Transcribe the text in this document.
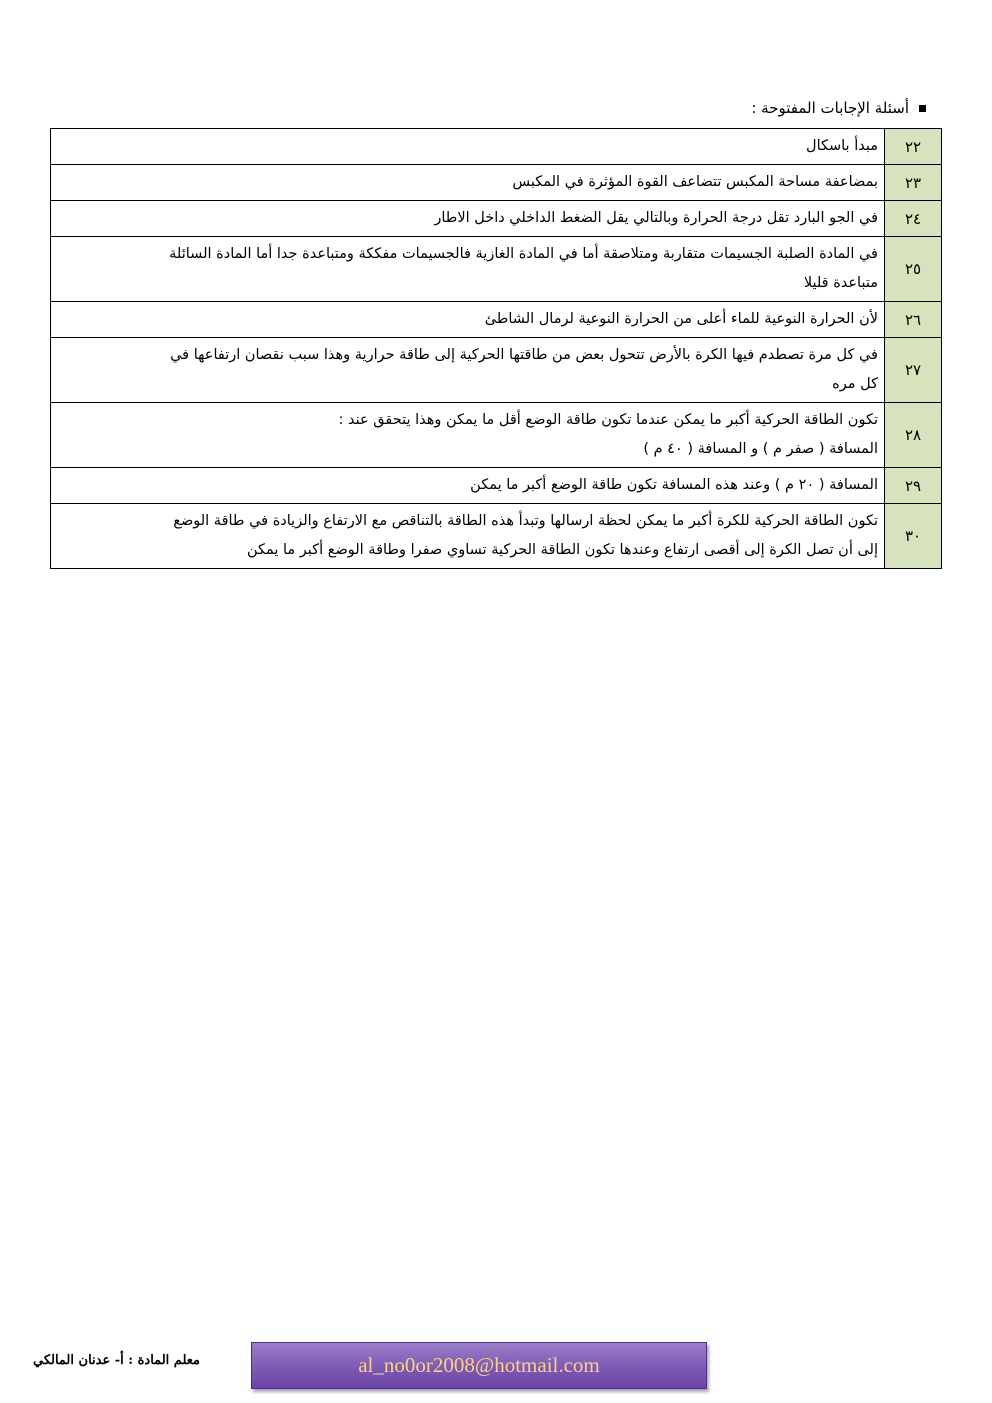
أسئلة الإجابات المفتوحة :
٢٢	مبدأ باسكال

٢٣	بمضاعفة مساحة المكبس تتضاعف القوة المؤثرة في المكبس

٢٤	في الجو البارد تقل درجة الحرارة وبالتالي يقل الضغط الداخلي داخل الاطار

٢٥	في المادة الصلبة الجسيمات متقاربة ومتلاصقة أما في المادة الغازية فالجسيمات مفككة ومتباعدة جدا أما المادة السائلة
متباعدة قليلا

٢٦	لأن الحرارة النوعية للماء أعلى من الحرارة النوعية لرمال الشاطئ

٢٧	في كل مرة تصطدم فيها الكرة بالأرض تتحول بعض من طاقتها الحركية إلى طاقة حرارية وهذا سبب نقصان ارتفاعها في
كل مره

٢٨	تكون الطاقة الحركية أكبر ما يمكن عندما تكون طاقة الوضع أقل ما يمكن وهذا يتحقق عند :
المسافة ( صفر م ) و المسافة ( ٤٠ م )

٢٩	المسافة ( ٢٠ م ) وعند هذه المسافة تكون طاقة الوضع أكبر ما يمكن

٣٠	تكون الطاقة الحركية للكرة أكبر ما يمكن لحظة ارسالها وتبدأ هذه الطاقة بالتناقص مع الارتفاع والزيادة في طاقة الوضع
إلى أن تصل الكرة إلى أقصى ارتفاع وعندها تكون الطاقة الحركية تساوي صفرا وطاقة الوضع أكبر ما يمكن
معلم المادة : أ- عدنان المالكي	al_no0or2008@hotmail.com
